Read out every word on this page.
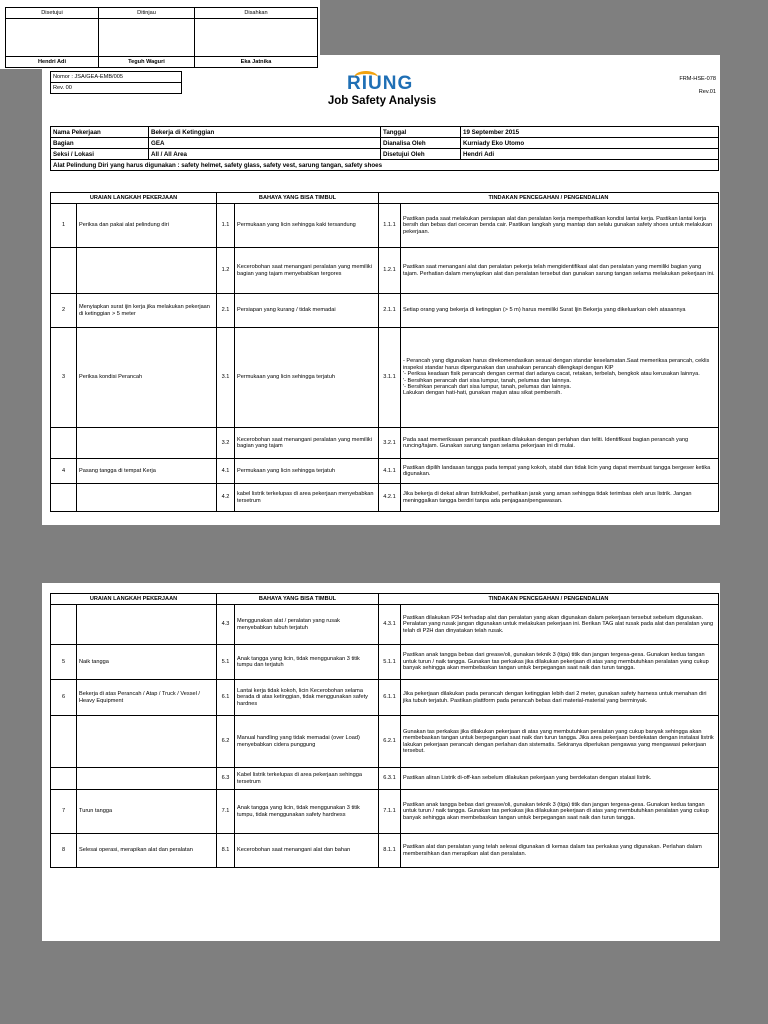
Nomor : JSA/GEA-EMB/005
Rev. 00	RIUNG
Job Safety Analysis
FRM-HSE-078
Rev.01
Nama Pekerjaan	Bekerja di Ketinggian	Tanggal	19 September 2015
Bagian	GEA	Dianalisa Oleh	Kurniady Eko Utomo
Seksi / Lokasi	All / All Area	Disetujui Oleh	Hendri Adi
Alat Pelindung Diri yang harus digunakan : safety helmet, safety glass, safety vest, sarung tangan, safety shoes			
URAIAN LANGKAH PEKERJAAN		BAHAYA YANG BISA TIMBUL		TINDAKAN PENCEGAHAN / PENGENDALIAN	
1	Periksa dan pakai alat pelindung diri	1.1	Permukaan yang licin sehingga kaki tersandung	1.1.1	Pastikan pada saat melakukan persiapan alat dan peralatan kerja memperhatikan kondisi lantai kerja. Pastikan lantai kerja bersih dan bebas dari ceceran benda cair. Pastikan langkah yang mantap dan selalu gunakan safety shoes untuk melakukan pekerjaan.
		1.2	Kecerobohan saat menangani peralatan yang memiliki bagian yang tajam menyebabkan tergores	1.2.1	Pastikan saat menangani alat dan peralatan pekerja telah mengidentifikasi alat dan peralatan yang memiliki bagian yang tajam. Perhatian dalam menyiapkan alat dan peralatan tersebut dan gunakan sarung tangan selama melakukan pekerjaan ini.
2	Menyiapkan surat ijin kerja jika melakukan pekerjaan di ketinggian > 5 meter	2.1	Persiapan yang kurang / tidak memadai	2.1.1	Setiap orang yang bekerja di ketinggian (> 5 m) harus memiliki Surat Ijin Bekerja yang dikeluarkan oleh atasannya
3	Periksa kondisi Perancah	3.1	Permukaan yang licin sehingga terjatuh	3.1.1	- Perancah yang digunakan harus direkomendasikan sesuai dengan standar keselamatan.Saat memeriksa perancah, ceklis inspeksi standar harus dipergunakan dan usahakan perancah dilengkapi dengan KIP
'- Periksa keadaan fisik perancah dengan cermat dari adanya cacat, retakan, terbelah, bengkok atau kerusakan lainnya.
'- Bersihkan perancah dari sisa lumpur, tanah, pelumas dan lainnya.
'- Bersihkan perancah dari sisa lumpur, tanah, pelumas dan lainnya.
Lakukan dengan hati-hati, gunakan majun atau sikat pembersih.
		3.2	Kecerobohan saat menangani peralatan yang memiliki bagian yang tajam	3.2.1	Pada saat memeriksaan perancah pastikan dilakukan dengan perlahan dan teliti. Identifikasi bagian perancah yang runcing/tajam. Gunakan sarung tangan selama pekerjaan ini di mulai.
4	Pasang tangga di tempat Kerja	4.1	Permukaan yang licin sehingga terjatuh	4.1.1	Pastikan dipilih landasan tangga pada tempat yang kokoh, stabil dan tidak licin yang dapat membuat tangga bergeser ketika digunakan.
		4.2	kabel listrik terkelupas di area pekerjaan menyebabkan tersetrum	4.2.1	Jika bekerja di dekat aliran listrik/kabel, perhatikan jarak yang aman sehingga tidak terimbas oleh arus listrik. Jangan meninggalkan tangga berdiri tanpa ada penjagaan/pengawasan.
URAIAN LANGKAH PEKERJAAN		BAHAYA YANG BISA TIMBUL		TINDAKAN PENCEGAHAN / PENGENDALIAN	
		4.3	Menggunakan alat / peralatan yang rusak menyebabkan tubuh terjatuh	4.3.1	Pastikan dilakukan P2H terhadap alat dan peralatan yang akan digunakan dalam pekerjaan tersebut sebelum digunakan. Peralatan yang rusak jangan digunakan untuk melakukan pekerjaan ini. Berikan TAG alat rusak pada alat dan peralatan yang telah di P2H dan dinyatakan telah rusak.
5	Naik tangga	5.1	Anak tangga yang licin, tidak menggunakan 3 titik tumpu dan terjatuh	5.1.1	Pastikan anak tangga bebas dari grease/oli, gunakan teknik 3 (tiga) titik dan jangan tergesa-gesa. Gunakan kedua tangan untuk turun / naik tangga. Gunakan tas perkakas jika dilakukan pekerjaan di atas yang membutuhkan peralatan yang cukup banyak sehingga akan membebaskan tangan untuk berpegangan saat naik dan turun tangga.
6	Bekerja di atas Perancah / Atap / Truck / Vessel / Heavy Equipment	6.1	Lantai kerja tidak kokoh, licin Kecerobohan selama berada di atas ketinggian, tidak menggunakan safety hardnes	6.1.1	Jika pekerjaan dilakukan pada perancah dengan ketinggian lebih dari 2 meter, gunakan safety harness untuk menahan diri jika tubuh terjatuh. Pastikan plattform pada perancah bebas dari material-material yang berminyak.
		6.2	Manual handling yang tidak memadai (over Load) menyebabkan cidera punggung	6.2.1	Gunakan tas perkakas jika dilakukan pekerjaan di atas yang membutuhkan peralatan yang cukup banyak sehingga akan membebaskan tangan untuk berpegangan saat naik dan turun tangga. Jika area pekerjaan berdekatan dengan instalasi listrik lakukan pekerjaan perancah dengan perlahan dan sistematis. Sekiranya diperlukan pengawas yang mengawasi pekerjaan tersebut.
		6.3	Kabel listrik terkelupas di area pekerjaan sehingga tersetrum	6.3.1	Pastikan aliran Listrik di-off-kan sebelum dilakukan pekerjaan yang berdekatan dengan stalasi listrik.
7	Turun tangga	7.1	Anak tangga yang licin, tidak menggunakan 3 titik tumpu, tidak menggunakan safety hardness	7.1.1	Pastikan anak tangga bebas dari grease/oli, gunakan teknik 3 (tiga) titik dan jangan tergesa-gesa. Gunakan kedua tangan untuk turun / naik tangga. Gunakan tas perkakas jika dilakukan pekerjaan di atas yang membutuhkan peralatan yang cukup banyak sehingga akan membebaskan tangan untuk berpegangan saat naik dan turun tangga.
8	Selesai operasi, merapikan alat dan peralatan	8.1	Kecerobohan saat menangani alat dan bahan	8.1.1	Pastikan alat dan peralatan yang telah selesai digunakan di kemas dalam tas perkakas yang digunakan. Perlahan dalam membersihkan dan merapikan alat dan peralatan.
Disetujui	Ditinjau	Disahkan

Hendri Adi	Teguh Waguri	Eka Jatnika
